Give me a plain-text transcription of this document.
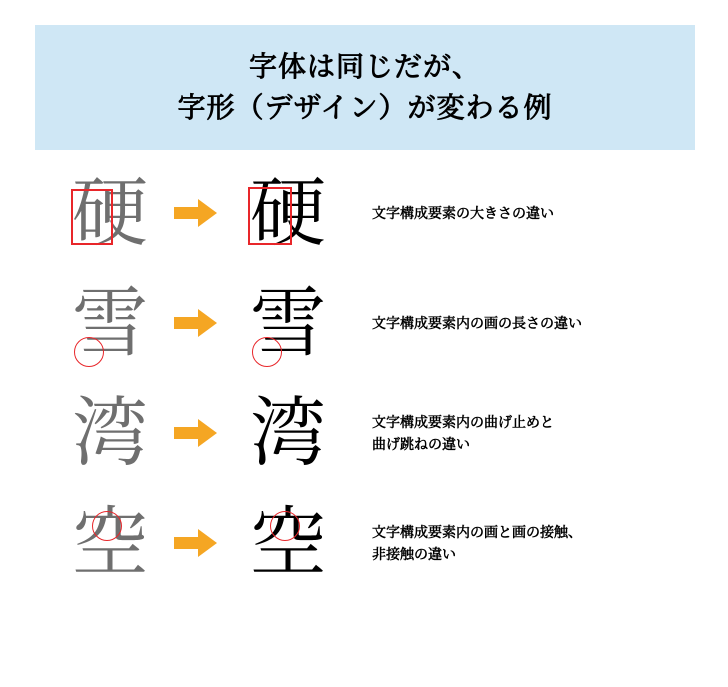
字体は同じだが、
字形（デザイン）が変わる例
硬 硬	文字構成要素の大きさの違い
雪 雪	文字構成要素内の画の長さの違い
湾 湾	文字構成要素内の曲げ止めと
曲げ跳ねの違い
空 空	文字構成要素内の画と画の接触、
非接触の違い
